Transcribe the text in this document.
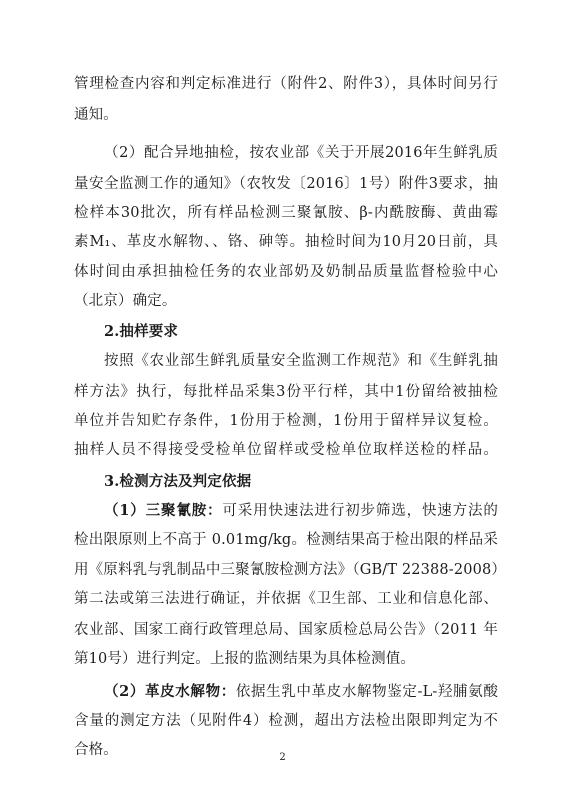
管理检查内容和判定标准进行（附件2、附件3），具体时间另行
通知。
（2）配合异地抽检，按农业部《关于开展2016年生鲜乳质
量安全监测工作的通知》（农牧发〔2016〕1号）附件3要求，抽
检样本30批次，所有样品检测三聚氰胺、β-内酰胺酶、黄曲霉
素M₁、革皮水解物、、铬、砷等。抽检时间为10月20日前，具
体时间由承担抽检任务的农业部奶及奶制品质量监督检验中心
（北京）确定。
2.抽样要求
按照《农业部生鲜乳质量安全监测工作规范》和《生鲜乳抽
样方法》执行，每批样品采集3份平行样，其中1份留给被抽检
单位并告知贮存条件，1份用于检测，1份用于留样异议复检。
抽样人员不得接受受检单位留样或受检单位取样送检的样品。
3.检测方法及判定依据
（1）三聚氰胺：可采用快速法进行初步筛选，快速方法的
检出限原则上不高于 0.01mg/kg。检测结果高于检出限的样品采
用《原料乳与乳制品中三聚氰胺检测方法》（GB/T 22388-2008）
第二法或第三法进行确证，并依据《卫生部、工业和信息化部、
农业部、国家工商行政管理总局、国家质检总局公告》（2011 年
第10号）进行判定。上报的监测结果为具体检测值。
（2）革皮水解物：依据生乳中革皮水解物鉴定-L-羟脯氨酸
含量的测定方法（见附件4）检测，超出方法检出限即判定为不
合格。	2
